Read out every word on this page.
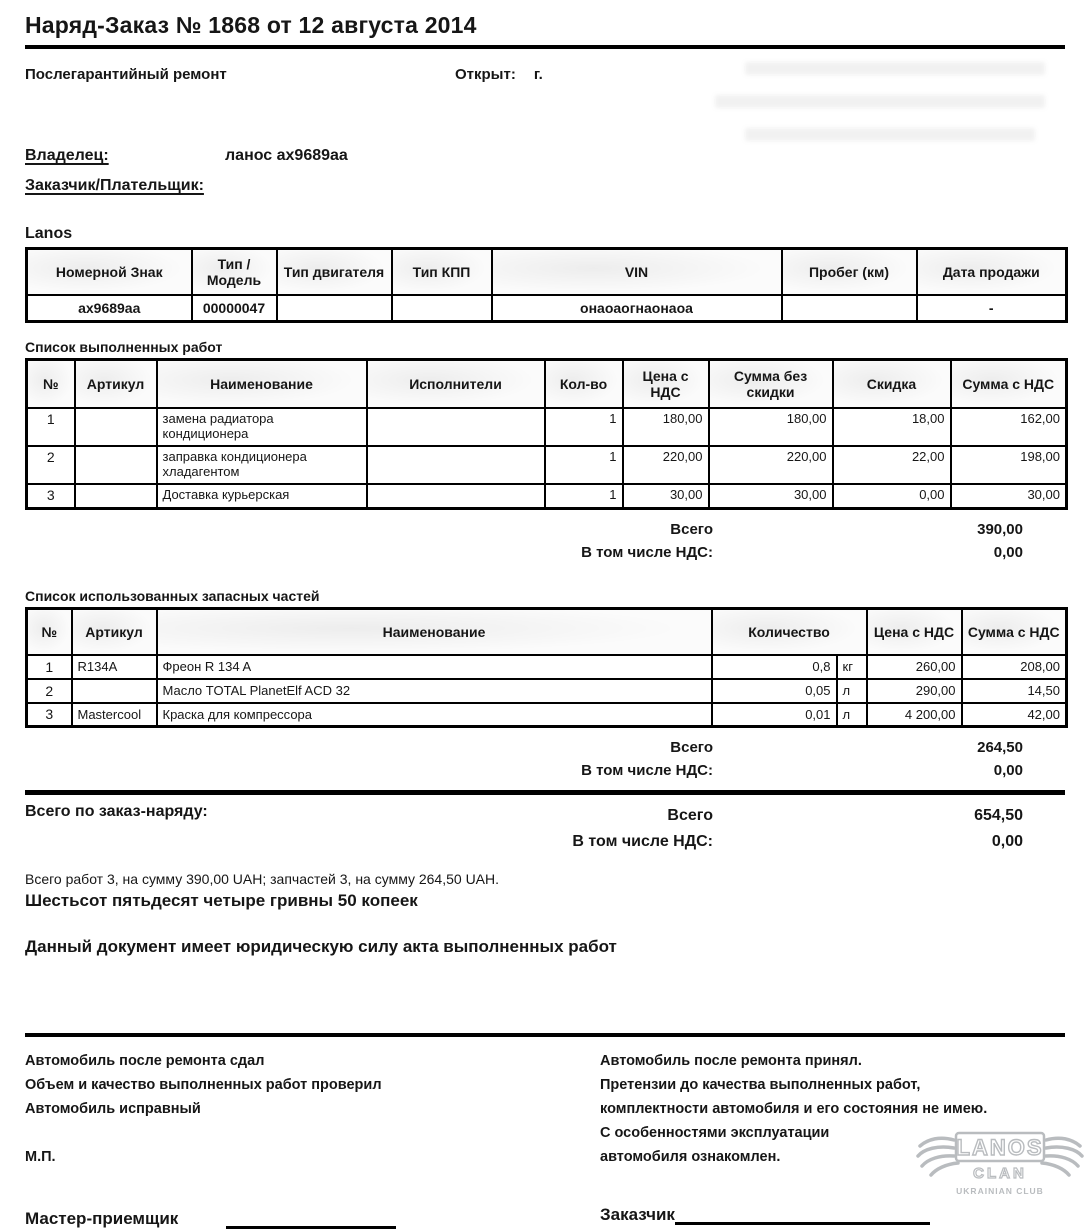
Наряд-Заказ № 1868 от 12 августа 2014
Послегарантийный ремонт	Открыт: г.
Владелец:	ланос ах9689аа
Заказчик/Плательщик:
Lanos
Номерной Знак	Тип / Модель	Тип двигателя	Тип КПП	VIN	Пробег (км)	Дата продажи
ах9689аа	00000047			онаоаогнаонаоа		-
Список выполненных работ
№	Артикул	Наименование	Исполнители	Кол-во	Цена с НДС	Сумма без скидки	Скидка	Сумма с НДС
1		замена радиатора кондиционера		1	180,00	180,00	18,00	162,00
2		заправка кондиционера хладагентом		1	220,00	220,00	22,00	198,00
3		Доставка курьерская		1	30,00	30,00	0,00	30,00
Всего	390,00
В том числе НДС:	0,00
Список использованных запасных частей
№	Артикул	Наименование	Количество		Цена с НДС	Сумма с НДС
1	R134A	Фреон R 134 A	0,8	кг	260,00	208,00
2		Масло TOTAL PlanetElf ACD 32	0,05	л	290,00	14,50
3	Mastercool	Краска для компрессора	0,01	л	4 200,00	42,00
Всего	264,50
В том числе НДС:	0,00
Всего по заказ-наряду:	Всего	654,50
В том числе НДС:	0,00
Всего работ 3, на сумму 390,00 UAH; запчастей 3, на сумму 264,50 UAH.
Шестьсот пятьдесят четыре гривны 50 копеек
Данный документ имеет юридическую силу акта выполненных работ
Автомобиль после ремонта сдал
Объем и качество выполненных работ проверил
Автомобиль исправный
М.П.
Мастер-приемщик
Автомобиль после ремонта принял.
Претензии до качества выполненных работ,
комплектности автомобиля и его состояния не имею.
С особенностями эксплуатации
автомобиля ознакомлен.
Заказчик
LANOS
CLAN
UKRAINIAN CLUB
